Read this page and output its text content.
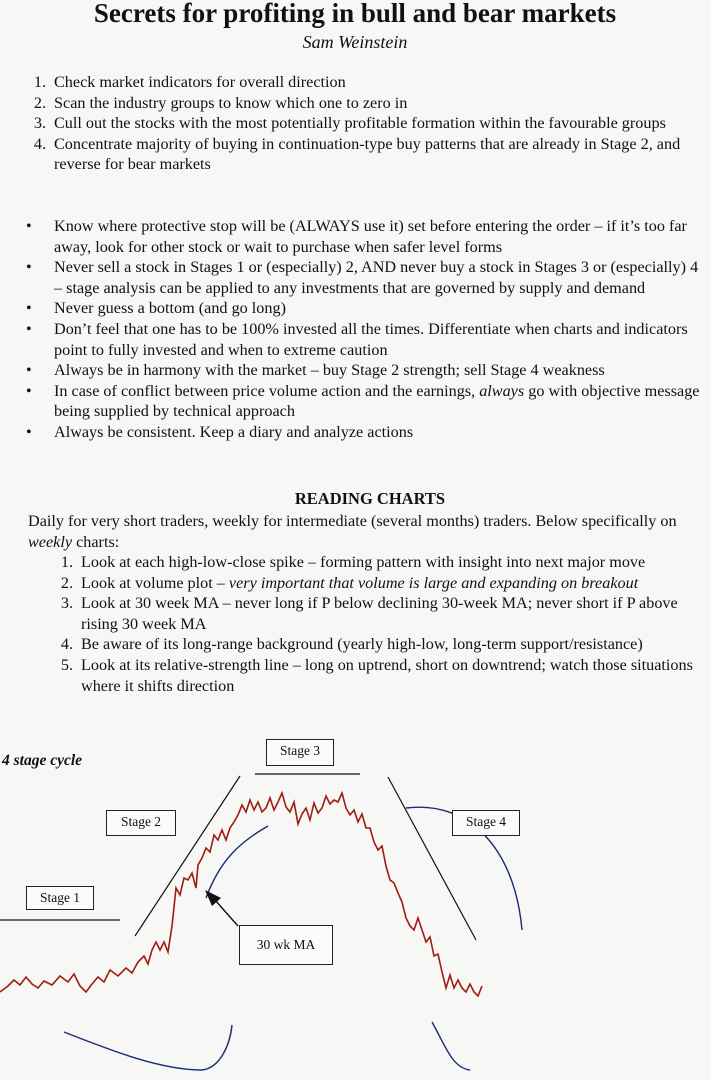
Secrets for profiting in bull and bear markets
Sam Weinstein
1. Check market indicators for overall direction
2. Scan the industry groups to know which one to zero in
3. Cull out the stocks with the most potentially profitable formation within the favourable groups
4. Concentrate majority of buying in continuation-type buy patterns that are already in Stage 2, and reverse for bear markets
• Know where protective stop will be (ALWAYS use it) set before entering the order – if it’s too far away, look for other stock or wait to purchase when safer level forms
• Never sell a stock in Stages 1 or (especially) 2, AND never buy a stock in Stages 3 or (especially) 4 – stage analysis can be applied to any investments that are governed by supply and demand
• Never guess a bottom (and go long)
• Don’t feel that one has to be 100% invested all the times. Differentiate when charts and indicators point to fully invested and when to extreme caution
• Always be in harmony with the market – buy Stage 2 strength; sell Stage 4 weakness
• In case of conflict between price volume action and the earnings, always go with objective message being supplied by technical approach
• Always be consistent. Keep a diary and analyze actions
READING CHARTS
Daily for very short traders, weekly for intermediate (several months) traders. Below specifically on weekly charts:
1. Look at each high-low-close spike – forming pattern with insight into next major move
2. Look at volume plot – very important that volume is large and expanding on breakout
3. Look at 30 week MA – never long if P below declining 30-week MA; never short if P above rising 30 week MA
4. Be aware of its long-range background (yearly high-low, long-term support/resistance)
5. Look at its relative-strength line – long on uptrend, short on downtrend; watch those situations where it shifts direction
4 stage cycle
Stage 1
Stage 2
Stage 3
Stage 4
30 wk MA
